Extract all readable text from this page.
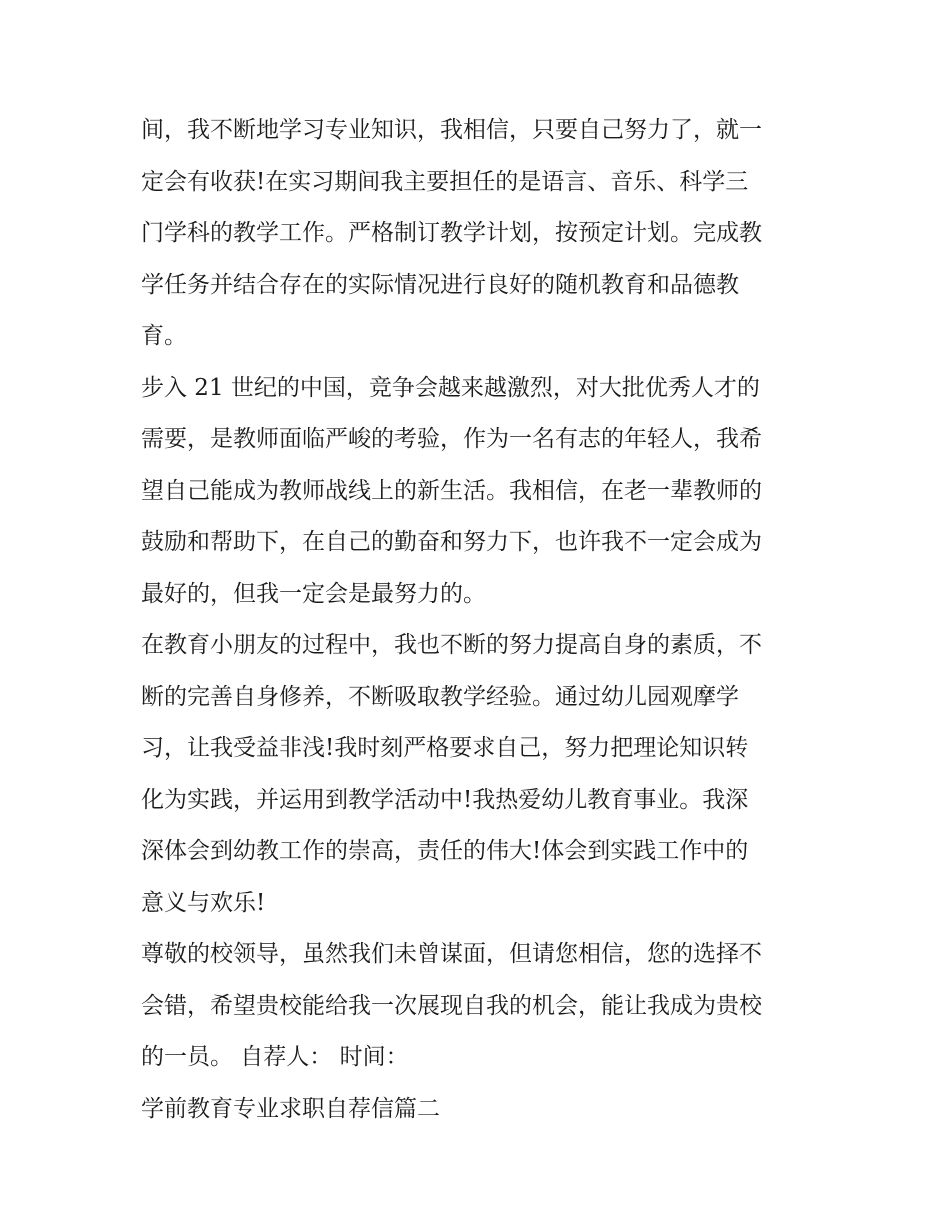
间，我不断地学习专业知识，我相信，只要自己努力了，就一
定会有收获!在实习期间我主要担任的是语言、音乐、科学三
门学科的教学工作。严格制订教学计划，按预定计划。完成教
学任务并结合存在的实际情况进行良好的随机教育和品德教
育。
步入 21 世纪的中国，竞争会越来越激烈，对大批优秀人才的
需要，是教师面临严峻的考验，作为一名有志的年轻人，我希
望自己能成为教师战线上的新生活。我相信，在老一辈教师的
鼓励和帮助下，在自己的勤奋和努力下，也许我不一定会成为
最好的，但我一定会是最努力的。
在教育小朋友的过程中，我也不断的努力提高自身的素质，不
断的完善自身修养，不断吸取教学经验。通过幼儿园观摩学
习，让我受益非浅!我时刻严格要求自己，努力把理论知识转
化为实践，并运用到教学活动中!我热爱幼儿教育事业。我深
深体会到幼教工作的崇高，责任的伟大!体会到实践工作中的
意义与欢乐!
尊敬的校领导，虽然我们未曾谋面，但请您相信，您的选择不
会错，希望贵校能给我一次展现自我的机会，能让我成为贵校
的一员。 自荐人： 时间：
学前教育专业求职自荐信篇二
